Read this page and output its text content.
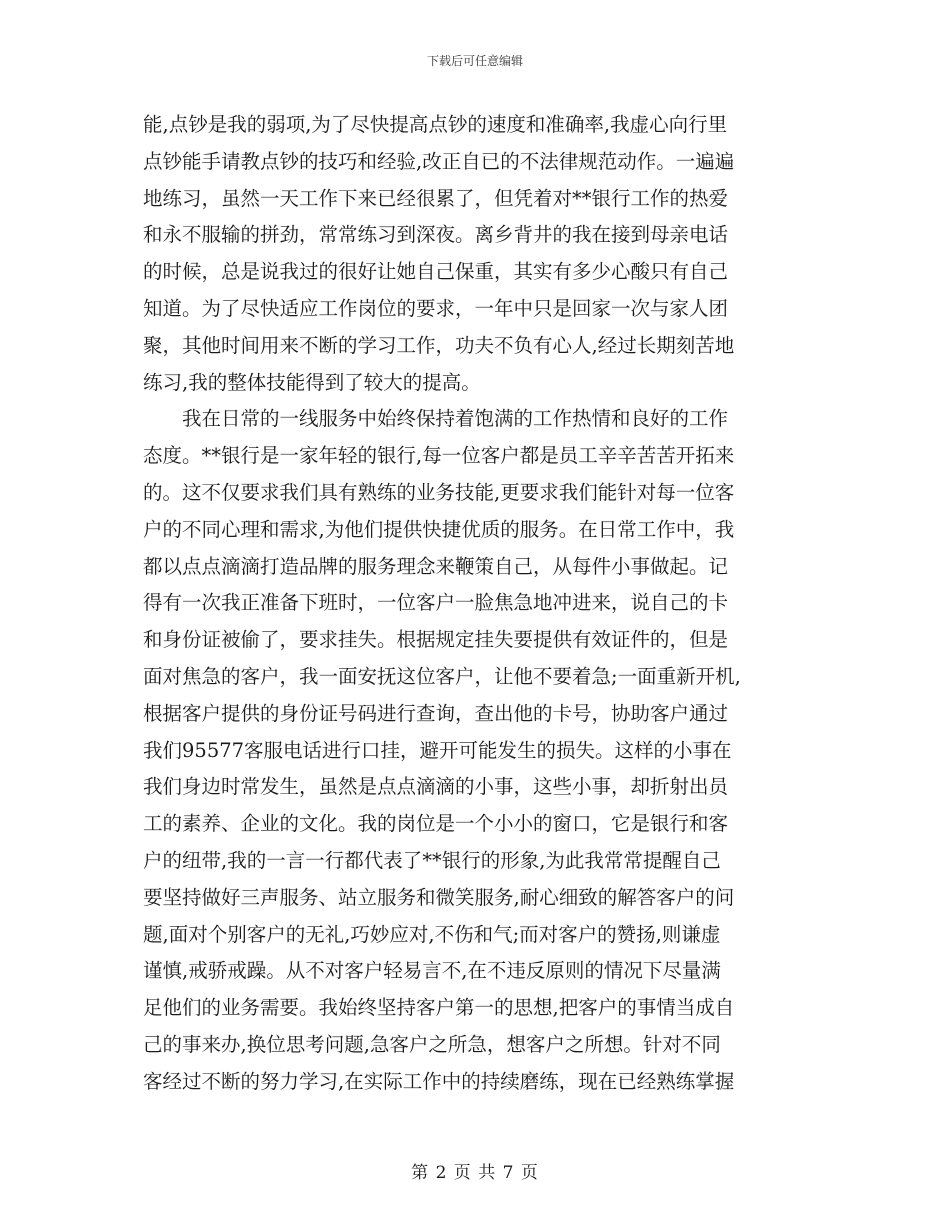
下载后可任意编辑
能,点钞是我的弱项,为了尽快提高点钞的速度和准确率,我虚心向行里
点钞能手请教点钞的技巧和经验,改正自已的不法律规范动作。一遍遍
地练习，虽然一天工作下来已经很累了，但凭着对**银行工作的热爱
和永不服输的拼劲，常常练习到深夜。离乡背井的我在接到母亲电话
的时候，总是说我过的很好让她自己保重，其实有多少心酸只有自己
知道。为了尽快适应工作岗位的要求，一年中只是回家一次与家人团
聚，其他时间用来不断的学习工作，功夫不负有心人,经过长期刻苦地
练习,我的整体技能得到了较大的提高。
我在日常的一线服务中始终保持着饱满的工作热情和良好的工作
态度。**银行是一家年轻的银行,每一位客户都是员工辛辛苦苦开拓来
的。这不仅要求我们具有熟练的业务技能,更要求我们能针对每一位客
户的不同心理和需求,为他们提供快捷优质的服务。在日常工作中，我
都以点点滴滴打造品牌的服务理念来鞭策自己，从每件小事做起。记
得有一次我正准备下班时，一位客户一脸焦急地冲进来，说自己的卡
和身份证被偷了，要求挂失。根据规定挂失要提供有效证件的，但是
面对焦急的客户，我一面安抚这位客户，让他不要着急;一面重新开机,
根据客户提供的身份证号码进行查询，查出他的卡号，协助客户通过
我们95577客服电话进行口挂，避开可能发生的损失。这样的小事在
我们身边时常发生，虽然是点点滴滴的小事，这些小事，却折射出员
工的素养、企业的文化。我的岗位是一个小小的窗口，它是银行和客
户的纽带,我的一言一行都代表了**银行的形象,为此我常常提醒自己
要坚持做好三声服务、站立服务和微笑服务,耐心细致的解答客户的问
题,面对个别客户的无礼,巧妙应对,不伤和气;而对客户的赞扬,则谦虚
谨慎,戒骄戒躁。从不对客户轻易言不,在不违反原则的情况下尽量满
足他们的业务需要。我始终坚持客户第一的思想,把客户的事情当成自
己的事来办,换位思考问题,急客户之所急，想客户之所想。针对不同
客经过不断的努力学习,在实际工作中的持续磨练，现在已经熟练掌握
第 2 页 共 7 页
